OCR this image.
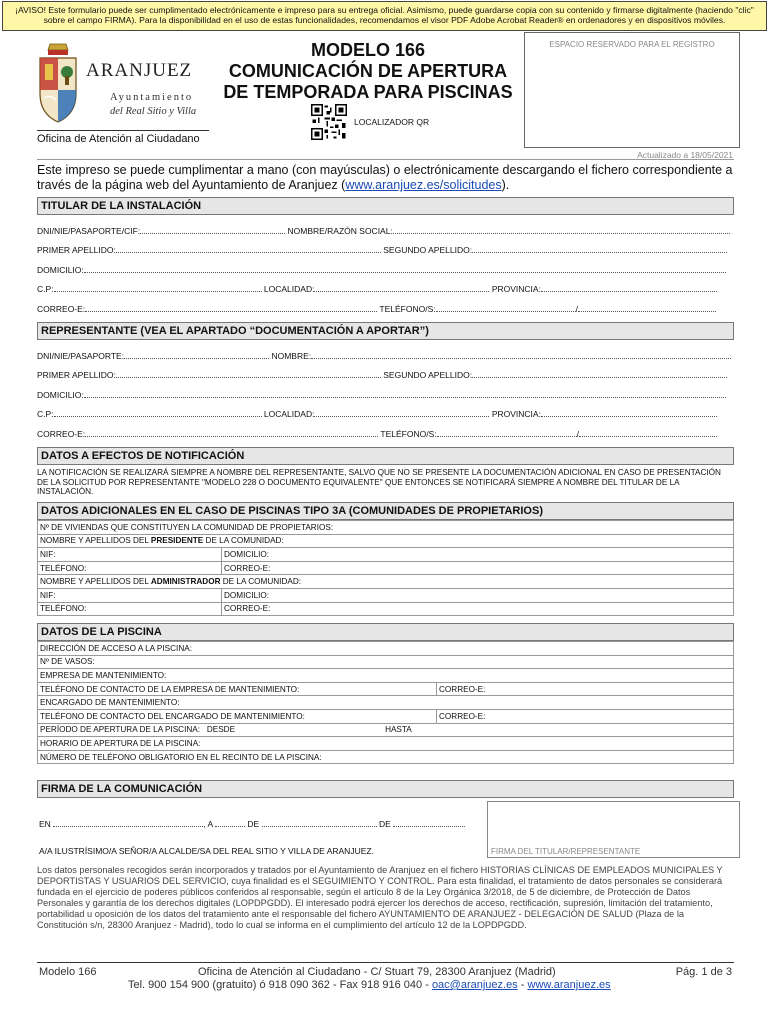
¡AVISO! Este formulario puede ser cumplimentado electrónicamente e impreso para su entrega oficial. Asimismo, puede guardarse copia con su contenido y firmarse digitalmente (haciendo "clic" sobre el campo FIRMA). Para la disponibilidad en el uso de estas funcionalidades, recomendamos el visor PDF Adobe Acrobat Reader® en ordenadores y en dispositivos móviles.
ARANJUEZ
Ayuntamiento
del Real Sitio y Villa
Oficina de Atención al Ciudadano
MODELO 166
COMUNICACIÓN DE APERTURA
DE TEMPORADA PARA PISCINAS
LOCALIZADOR QR
ESPACIO RESERVADO PARA EL REGISTRO
Actualizado a 18/05/2021
Este impreso se puede cumplimentar a mano (con mayúsculas) o electrónicamente descargando el fichero correspondiente a través de la página web del Ayuntamiento de Aranjuez (www.aranjuez.es/solicitudes).
TITULAR DE LA INSTALACIÓN
DNI/NIE/PASAPORTE/CIF:	NOMBRE/RAZÓN SOCIAL:
PRIMER APELLIDO:	SEGUNDO APELLIDO:
DOMICILIO:
C.P:	LOCALIDAD:	PROVINCIA:
CORREO-E:	TELÉFONO/S:	/
REPRESENTANTE (VEA EL APARTADO “DOCUMENTACIÓN A APORTAR”)
DNI/NIE/PASAPORTE:	NOMBRE:
PRIMER APELLIDO:	SEGUNDO APELLIDO:
DOMICILIO:
C.P:	LOCALIDAD:	PROVINCIA:
CORREO-E:	TELÉFONO/S:	/
DATOS A EFECTOS DE NOTIFICACIÓN
LA NOTIFICACIÓN SE REALIZARÁ SIEMPRE A NOMBRE DEL REPRESENTANTE, SALVO QUE NO SE PRESENTE LA DOCUMENTACIÓN ADICIONAL EN CASO DE PRESENTACIÓN DE LA SOLICITUD POR REPRESENTANTE "MODELO 228 O DOCUMENTO EQUIVALENTE" QUE ENTONCES SE NOTIFICARÁ SIEMPRE A NOMBRE DEL TITULAR DE LA INSTALACIÓN.
DATOS ADICIONALES EN EL CASO DE PISCINAS TIPO 3A (COMUNIDADES DE PROPIETARIOS)
Nº DE VIVIENDAS QUE CONSTITUYEN LA COMUNIDAD DE PROPIETARIOS:	
NOMBRE Y APELLIDOS DEL PRESIDENTE DE LA COMUNIDAD:	
NIF:	DOMICILIO:
TELÉFONO:	CORREO-E:
NOMBRE Y APELLIDOS DEL ADMINISTRADOR DE LA COMUNIDAD:	
NIF:	DOMICILIO:
TELÉFONO:	CORREO-E:
DATOS DE LA PISCINA
DIRECCIÓN DE ACCESO A LA PISCINA:	
Nº DE VASOS:	
EMPRESA DE MANTENIMIENTO:	
TELÉFONO DE CONTACTO DE LA EMPRESA DE MANTENIMIENTO:	CORREO-E:
ENCARGADO DE MANTENIMIENTO:	
TELÉFONO DE CONTACTO DEL ENCARGADO DE MANTENIMIENTO:	CORREO-E:
PERÍODO DE APERTURA DE LA PISCINA: DESDE HASTA	
HORARIO DE APERTURA DE LA PISCINA:	
NÚMERO DE TELÉFONO OBLIGATORIO EN EL RECINTO DE LA PISCINA:	
FIRMA DE LA COMUNICACIÓN
EN	, A	DE	DE	.
A/A ILUSTRÍSIMO/A SEÑOR/A ALCALDE/SA DEL REAL SITIO Y VILLA DE ARANJUEZ.	FIRMA DEL TITULAR/REPRESENTANTE
Los datos personales recogidos serán incorporados y tratados por el Ayuntamiento de Aranjuez en el fichero HISTORIAS CLÍNICAS DE EMPLEADOS MUNICIPALES Y DEPORTISTAS Y USUARIOS DEL SERVICIO, cuya finalidad es el SEGUIMIENTO Y CONTROL. Para esta finalidad, el tratamiento de datos personales se considerará fundada en el ejercicio de poderes públicos conferidos al responsable, según el artículo 8 de la Ley Orgánica 3/2018, de 5 de diciembre, de Protección de Datos Personales y garantía de los derechos digitales (LOPDPGDD). El interesado podrá ejercer los derechos de acceso, rectificación, supresión, limitación del tratamiento, portabilidad u oposición de los datos del tratamiento ante el responsable del fichero AYUNTAMIENTO DE ARANJUEZ - DELEGACIÓN DE SALUD (Plaza de la Constitución s/n, 28300 Aranjuez - Madrid), todo lo cual se informa en el cumplimiento del artículo 12 de la LOPDPGDD.
Modelo 166	Oficina de Atención al Ciudadano - C/ Stuart 79, 28300 Aranjuez (Madrid)	Pág. 1 de 3
Tel. 900 154 900 (gratuito) ó 918 090 362 - Fax 918 916 040 - oac@aranjuez.es - www.aranjuez.es
